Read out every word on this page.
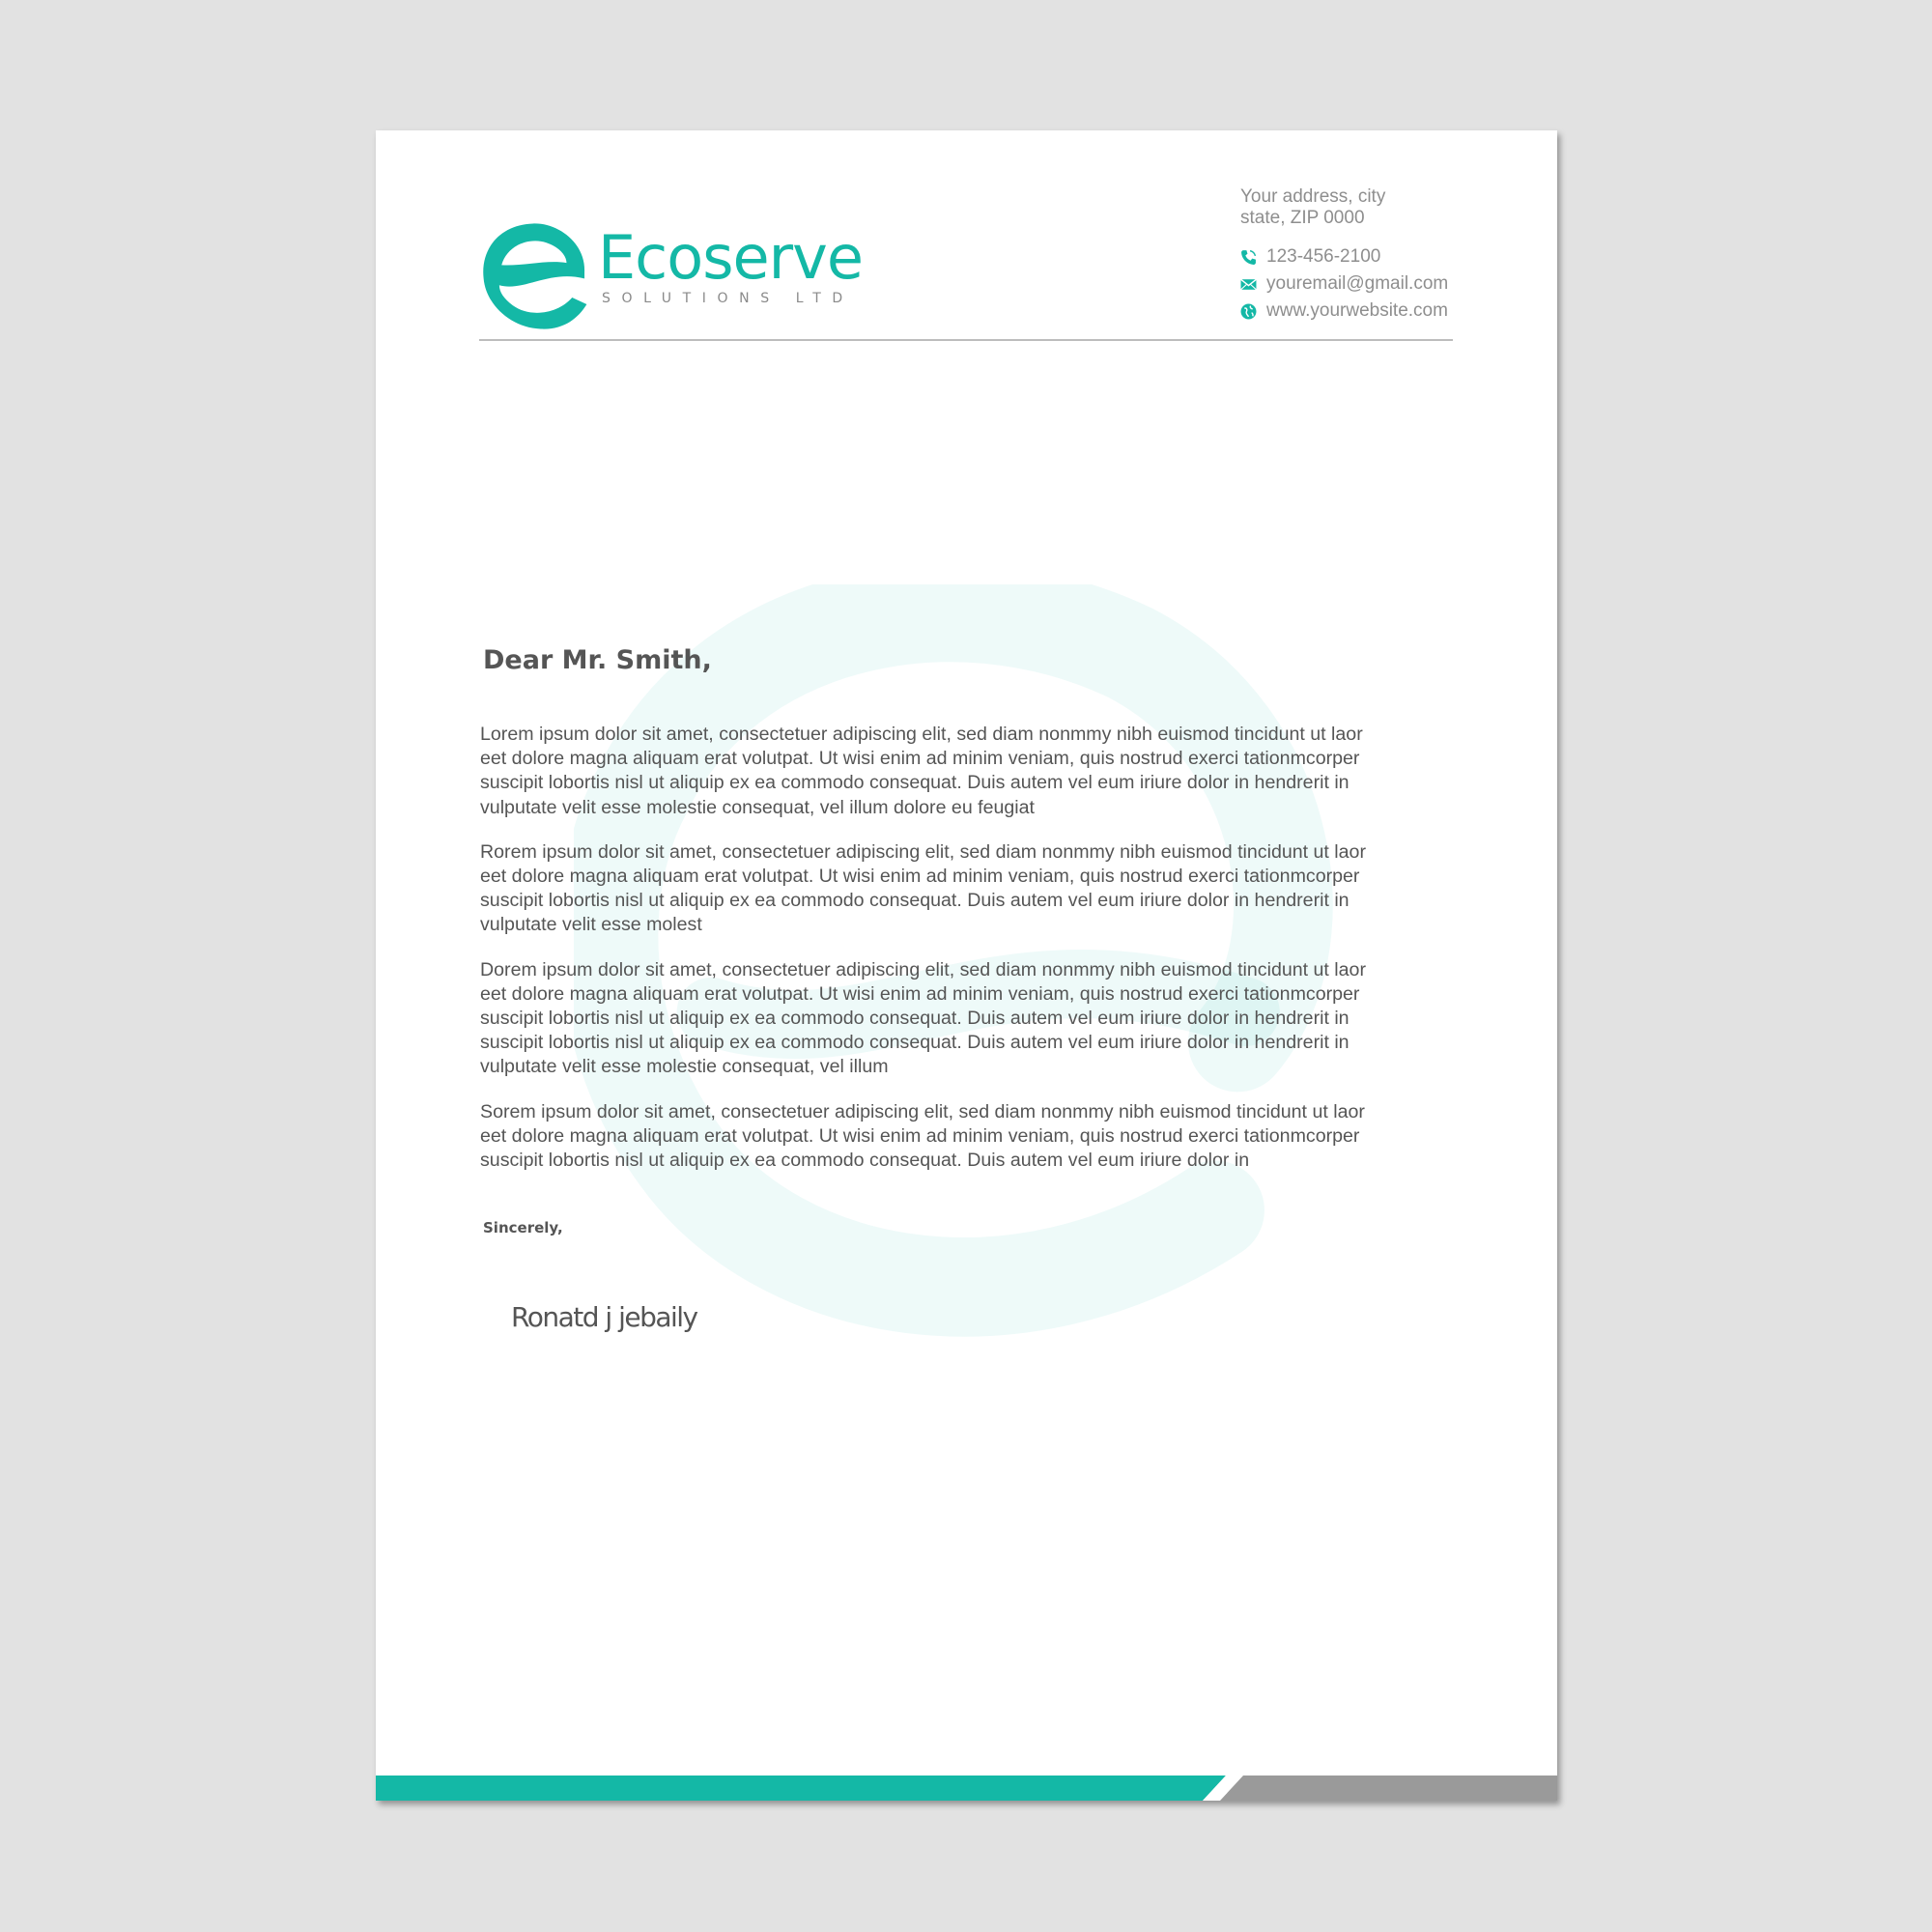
Ecoserve
SOLUTIONS LTD
Your address, city
state, ZIP 0000
123-456-2100
youremail@gmail.com
www.yourwebsite.com
Dear Mr. Smith,

Lorem ipsum dolor sit amet, consectetuer adipiscing elit, sed diam nonmmy nibh euismod tincidunt ut laor
eet dolore magna aliquam erat volutpat. Ut wisi enim ad minim veniam, quis nostrud exerci tationmcorper
suscipit lobortis nisl ut aliquip ex ea commodo consequat. Duis autem vel eum iriure dolor in hendrerit in
vulputate velit esse molestie consequat, vel illum dolore eu feugiat

Rorem ipsum dolor sit amet, consectetuer adipiscing elit, sed diam nonmmy nibh euismod tincidunt ut laor
eet dolore magna aliquam erat volutpat. Ut wisi enim ad minim veniam, quis nostrud exerci tationmcorper
suscipit lobortis nisl ut aliquip ex ea commodo consequat. Duis autem vel eum iriure dolor in hendrerit in
vulputate velit esse molest

Dorem ipsum dolor sit amet, consectetuer adipiscing elit, sed diam nonmmy nibh euismod tincidunt ut laor
eet dolore magna aliquam erat volutpat. Ut wisi enim ad minim veniam, quis nostrud exerci tationmcorper
suscipit lobortis nisl ut aliquip ex ea commodo consequat. Duis autem vel eum iriure dolor in hendrerit in
suscipit lobortis nisl ut aliquip ex ea commodo consequat. Duis autem vel eum iriure dolor in hendrerit in
vulputate velit esse molestie consequat, vel illum

Sorem ipsum dolor sit amet, consectetuer adipiscing elit, sed diam nonmmy nibh euismod tincidunt ut laor
eet dolore magna aliquam erat volutpat. Ut wisi enim ad minim veniam, quis nostrud exerci tationmcorper
suscipit lobortis nisl ut aliquip ex ea commodo consequat. Duis autem vel eum iriure dolor in

Sincerely,
Ronatd j jebaily
